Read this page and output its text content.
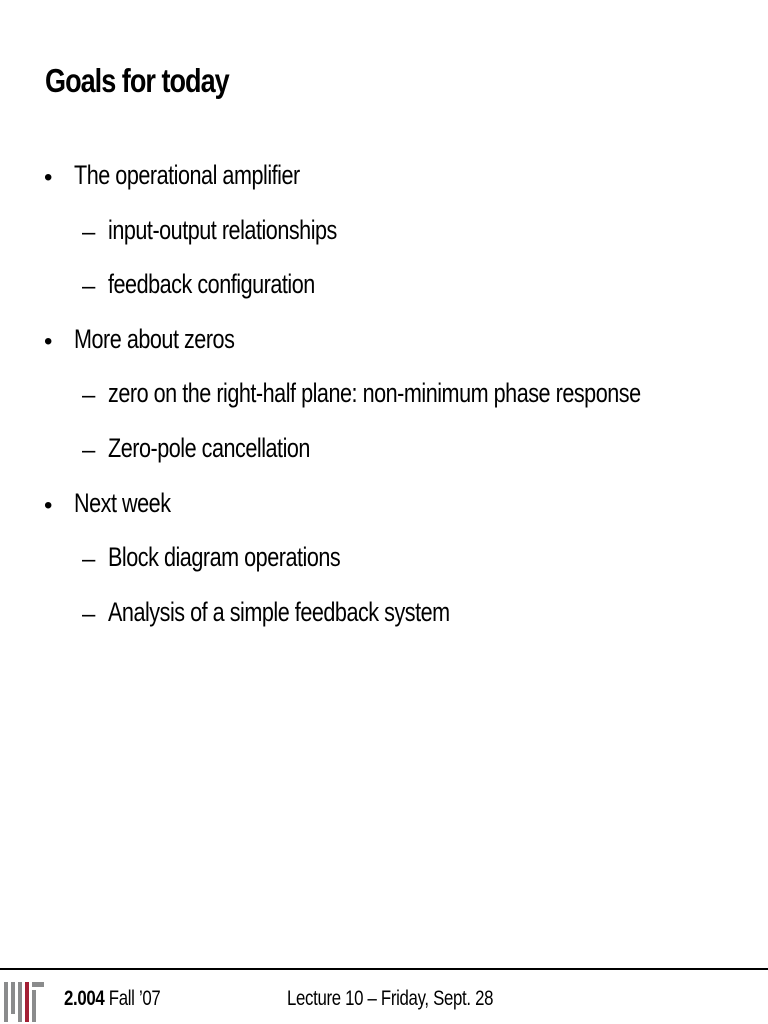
Goals for today
• The operational amplifier
– input-output relationships
– feedback configuration
• More about zeros
– zero on the right-half plane: non-minimum phase response
– Zero-pole cancellation
• Next week
– Block diagram operations
– Analysis of a simple feedback system
2.004 Fall ’07	Lecture 10 – Friday, Sept. 28
